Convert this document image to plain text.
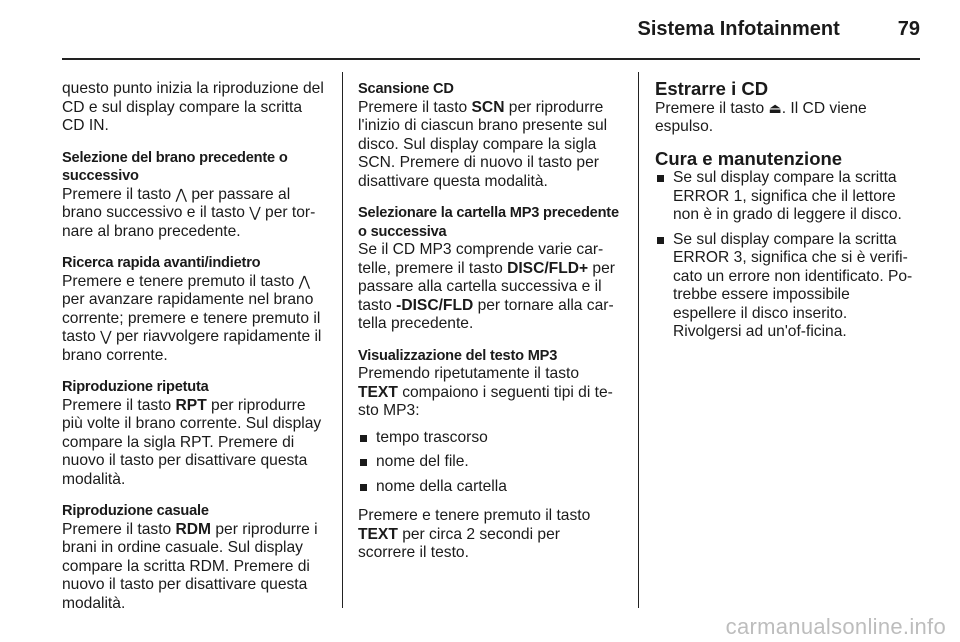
Sistema Infotainment	79

questo punto inizia la riproduzione del CD e sul display compare la scritta CD IN.

Selezione del brano precedente o successivo
Premere il tasto ⋀ per passare al brano successivo e il tasto ⋁ per tor-nare al brano precedente.

Ricerca rapida avanti/indietro
Premere e tenere premuto il tasto ⋀ per avanzare rapidamente nel brano corrente; premere e tenere premuto il tasto ⋁ per riavvolgere rapidamente il brano corrente.

Riproduzione ripetuta
Premere il tasto RPT per riprodurre più volte il brano corrente. Sul display compare la sigla RPT. Premere di nuovo il tasto per disattivare questa modalità.

Riproduzione casuale
Premere il tasto RDM per riprodurre i brani in ordine casuale. Sul display compare la scritta RDM. Premere di nuovo il tasto per disattivare questa modalità.

Scansione CD
Premere il tasto SCN per riprodurre l'inizio di ciascun brano presente sul disco. Sul display compare la sigla SCN. Premere di nuovo il tasto per disattivare questa modalità.

Selezionare la cartella MP3 precedente o successiva
Se il CD MP3 comprende varie car-telle, premere il tasto DISC/FLD+ per passare alla cartella successiva e il tasto -DISC/FLD per tornare alla car-tella precedente.

Visualizzazione del testo MP3
Premendo ripetutamente il tasto TEXT compaiono i seguenti tipi di te-sto MP3:

tempo trascorso
nome del file.
nome della cartella

Premere e tenere premuto il tasto TEXT per circa 2 secondi per scorrere il testo.

Estrarre i CD
Premere il tasto ⏏. Il CD viene espulso.

Cura e manutenzione
Se sul display compare la scritta ERROR 1, significa che il lettore non è in grado di leggere il disco.
Se sul display compare la scritta ERROR 3, significa che si è verifi-cato un errore non identificato. Po-trebbe essere impossibile espellere il disco inserito. Rivolgersi ad un'of-ficina.
carmanualsonline.info
